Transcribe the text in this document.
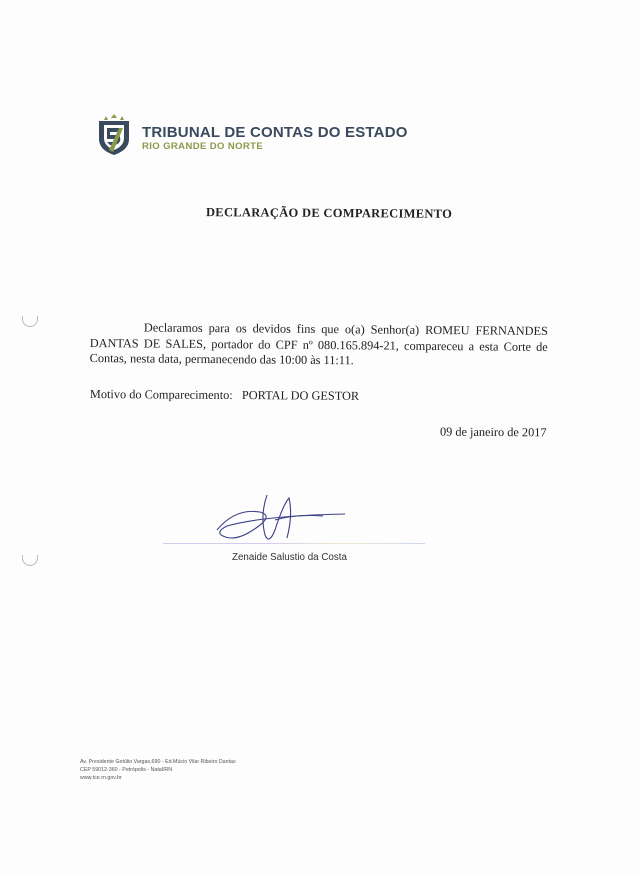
TRIBUNAL DE CONTAS DO ESTADO
RIO GRANDE DO NORTE
DECLARAÇÃO DE COMPARECIMENTO
Declaramos para os devidos fins que o(a) Senhor(a) ROMEU FERNANDES DANTAS DE SALES, portador do CPF nº 080.165.894-21, compareceu a esta Corte de Contas, nesta data, permanecendo das 10:00 às 11:11.
Motivo do Comparecimento: PORTAL DO GESTOR
09 de janeiro de 2017
Zenaide Salustio da Costa
Av. Presidente Getúlio Vargas,690 - Ed.Múcio Vilar Ribeiro Dantas
CEP 59012-360 - Petrópolis - Natal/RN
www.tce.rn.gov.br
